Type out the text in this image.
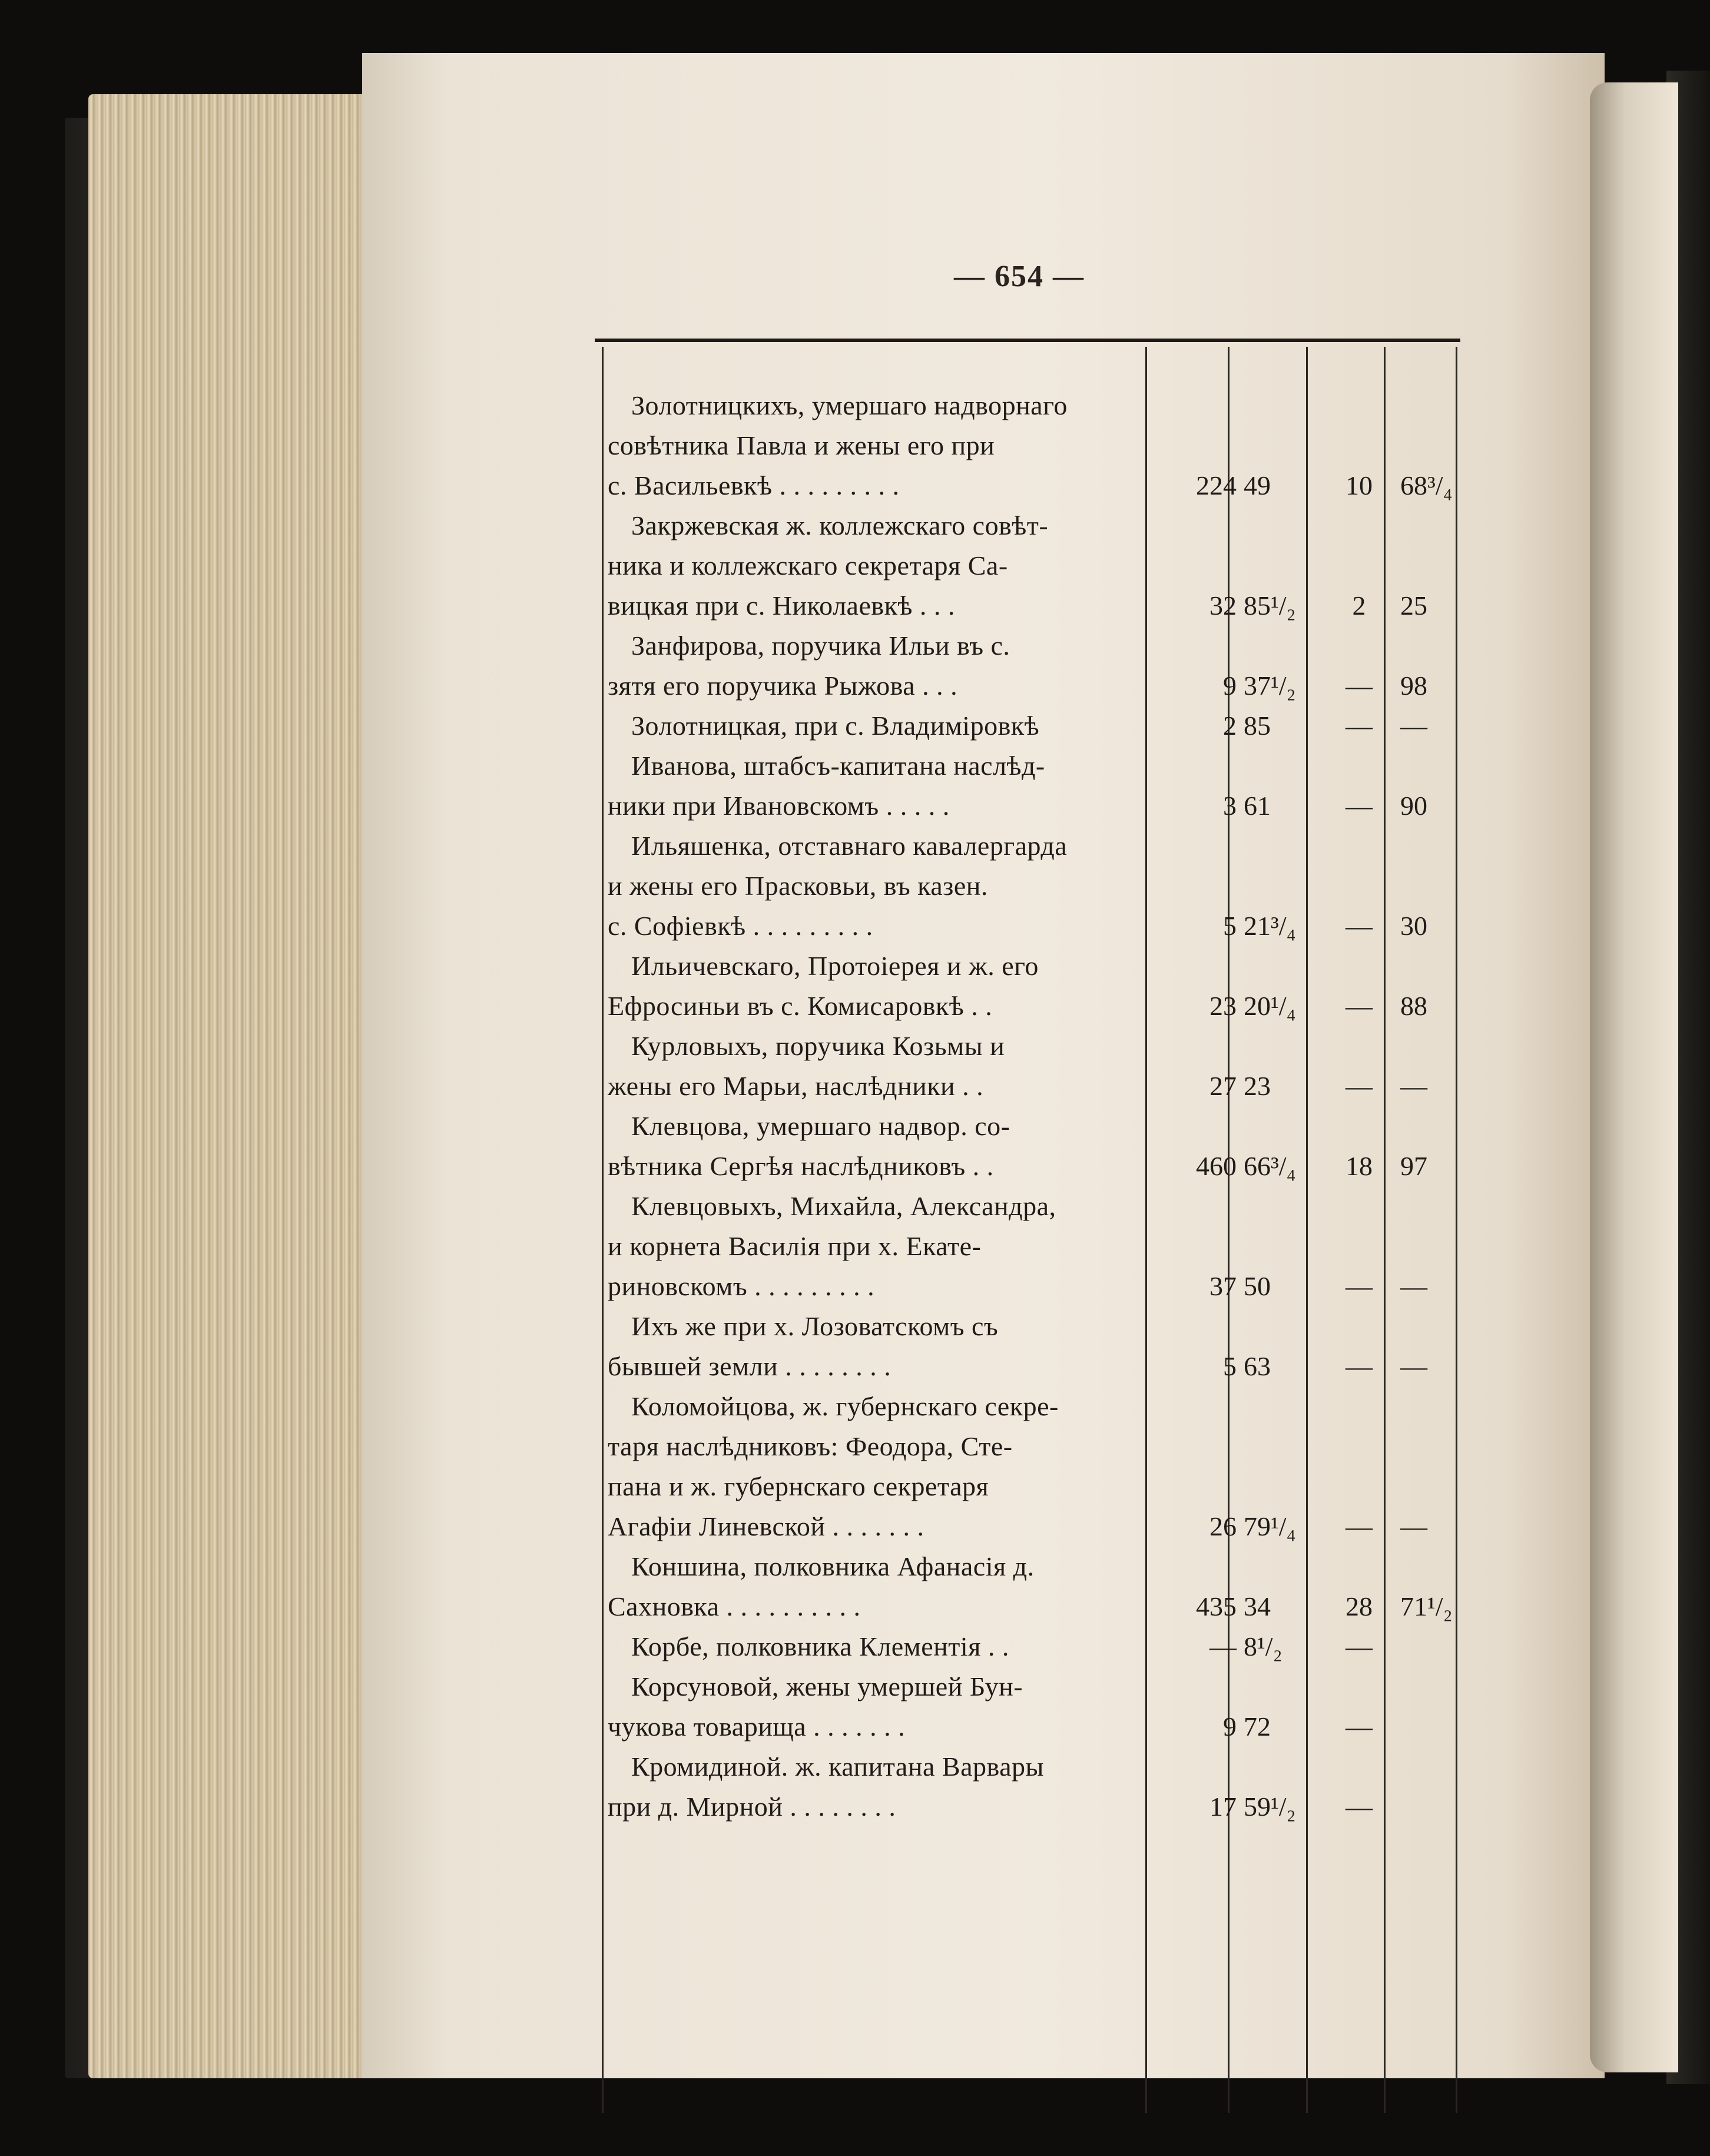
— 654 —
Золотницкихъ, умершаго надворнаго
совѣтника Павла и жены его при
с. Васильевкѣ . . . . . . . . .	224 49	10	68³/₄
Закржевская ж. коллежскаго совѣт-
ника и коллежскаго секретаря Са-
вицкая при с. Николаевкѣ . . .	32 85¹/₂	2	25
Занфирова, поручика Ильи въ с.
зятя его поручика Рыжова . . .	9 37¹/₂	—	98
Золотницкая, при с. Владиміровкѣ	2 85	—	—
Иванова, штабсъ-капитана наслѣд-
ники при Ивановскомъ . . . . .	3 61	—	90
Ильяшенка, отставнаго кавалергарда
и жены его Прасковьи, въ казен.
с. Софіевкѣ . . . . . . . . .	5 21³/₄	—	30
Ильичевскаго, Протоіерея и ж. его
Ефросиньи въ с. Комисаровкѣ . .	23 20¹/₄	—	88
Курловыхъ, поручика Козьмы и
жены его Марьи, наслѣдники . .	27 23	—	—
Клевцова, умершаго надвор. со-
вѣтника Сергѣя наслѣдниковъ . .	460 66³/₄	18	97
Клевцовыхъ, Михайла, Александра,
и корнета Василія при х. Екате-
риновскомъ . . . . . . . . .	37 50	—	—
Ихъ же при х. Лозоватскомъ съ
бывшей земли . . . . . . . .	5 63	—	—
Коломойцова, ж. губернскаго секре-
таря наслѣдниковъ: Феодора, Сте-
пана и ж. губернскаго секретаря
Агафіи Линевской . . . . . . .	26 79¹/₄	—	—
Коншина, полковника Афанасія д.
Сахновка . . . . . . . . . .	435 34	28	71¹/₂
Корбе, полковника Клементія . .	— 8¹/₂	—
Корсуновой, жены умершей Бун-
чукова товарища . . . . . . .	9 72	—
Кромидиной. ж. капитана Варвары
при д. Мирной . . . . . . . .	17 59¹/₂	—
